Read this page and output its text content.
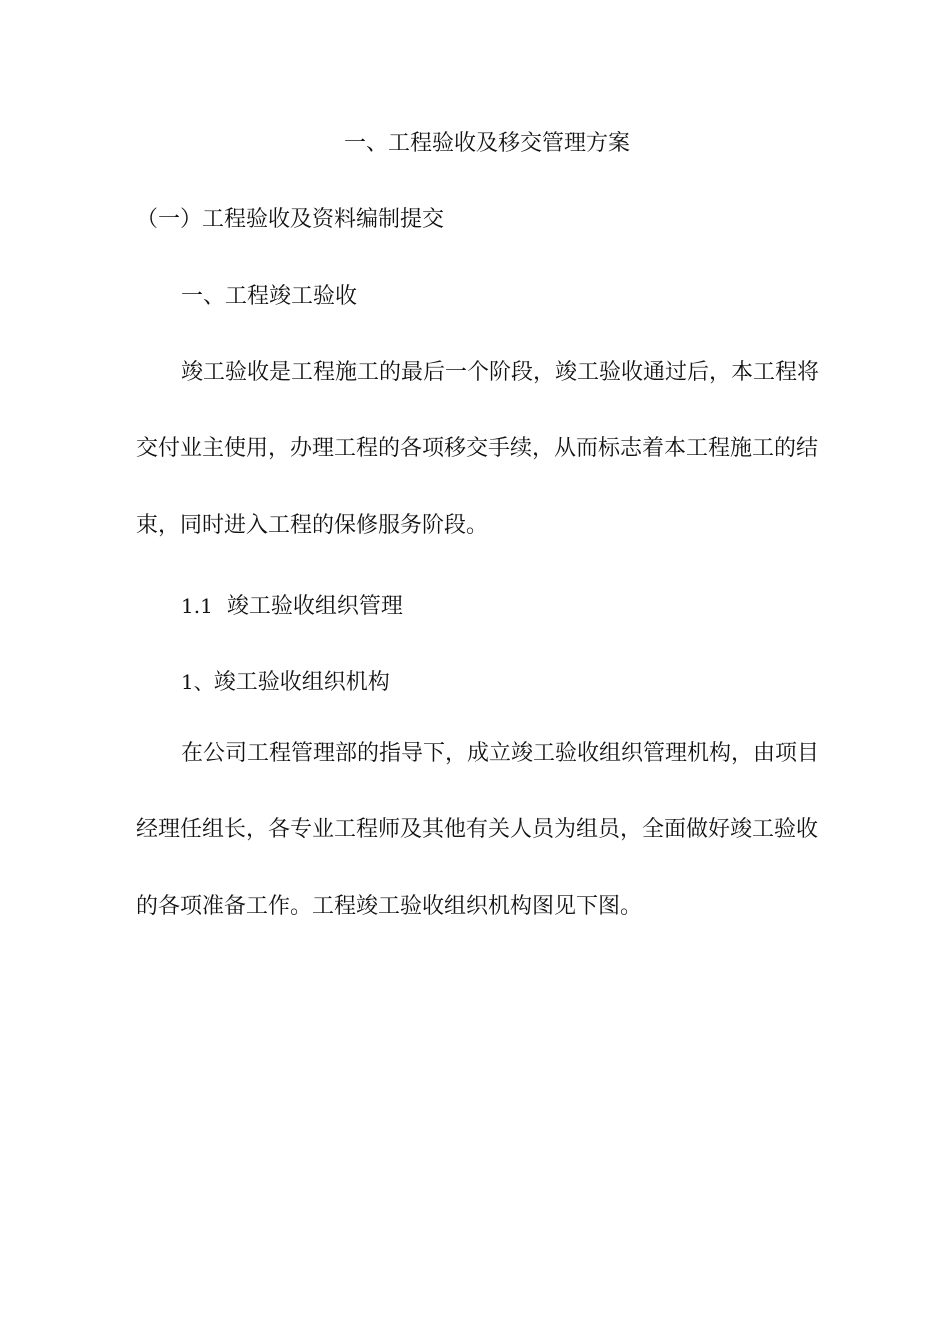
一、工程验收及移交管理方案
（一）工程验收及资料编制提交
一、工程竣工验收
竣工验收是工程施工的最后一个阶段，竣工验收通过后，本工程将
交付业主使用，办理工程的各项移交手续，从而标志着本工程施工的结
束，同时进入工程的保修服务阶段。
1.1 竣工验收组织管理
1、竣工验收组织机构
在公司工程管理部的指导下，成立竣工验收组织管理机构，由项目
经理任组长，各专业工程师及其他有关人员为组员，全面做好竣工验收
的各项准备工作。工程竣工验收组织机构图见下图。
